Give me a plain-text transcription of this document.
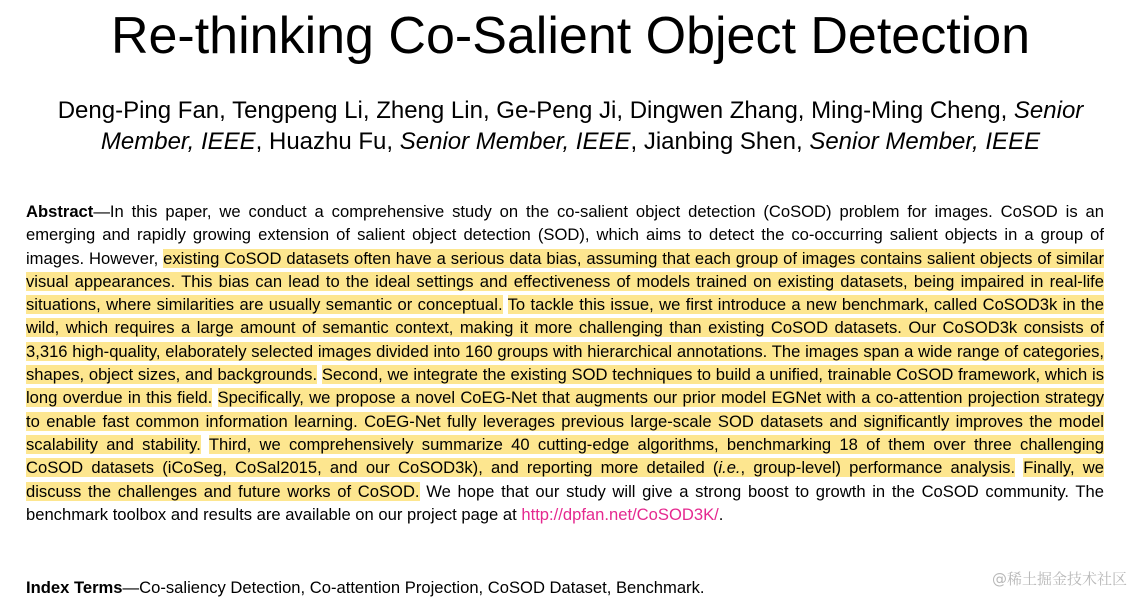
Re-thinking Co-Salient Object Detection
Deng-Ping Fan, Tengpeng Li, Zheng Lin, Ge-Peng Ji, Dingwen Zhang, Ming-Ming Cheng, Senior Member, IEEE, Huazhu Fu, Senior Member, IEEE, Jianbing Shen, Senior Member, IEEE
Abstract—In this paper, we conduct a comprehensive study on the co-salient object detection (CoSOD) problem for images. CoSOD is an emerging and rapidly growing extension of salient object detection (SOD), which aims to detect the co-occurring salient objects in a group of images. However, existing CoSOD datasets often have a serious data bias, assuming that each group of images contains salient objects of similar visual appearances. This bias can lead to the ideal settings and effectiveness of models trained on existing datasets, being impaired in real-life situations, where similarities are usually semantic or conceptual. To tackle this issue, we first introduce a new benchmark, called CoSOD3k in the wild, which requires a large amount of semantic context, making it more challenging than existing CoSOD datasets. Our CoSOD3k consists of 3,316 high-quality, elaborately selected images divided into 160 groups with hierarchical annotations. The images span a wide range of categories, shapes, object sizes, and backgrounds. Second, we integrate the existing SOD techniques to build a unified, trainable CoSOD framework, which is long overdue in this field. Specifically, we propose a novel CoEG-Net that augments our prior model EGNet with a co-attention projection strategy to enable fast common information learning. CoEG-Net fully leverages previous large-scale SOD datasets and significantly improves the model scalability and stability. Third, we comprehensively summarize 40 cutting-edge algorithms, benchmarking 18 of them over three challenging CoSOD datasets (iCoSeg, CoSal2015, and our CoSOD3k), and reporting more detailed (i.e., group-level) performance analysis. Finally, we discuss the challenges and future works of CoSOD. We hope that our study will give a strong boost to growth in the CoSOD community. The benchmark toolbox and results are available on our project page at http://dpfan.net/CoSOD3K/.
Index Terms—Co-saliency Detection, Co-attention Projection, CoSOD Dataset, Benchmark.	@稀土掘金技术社区
